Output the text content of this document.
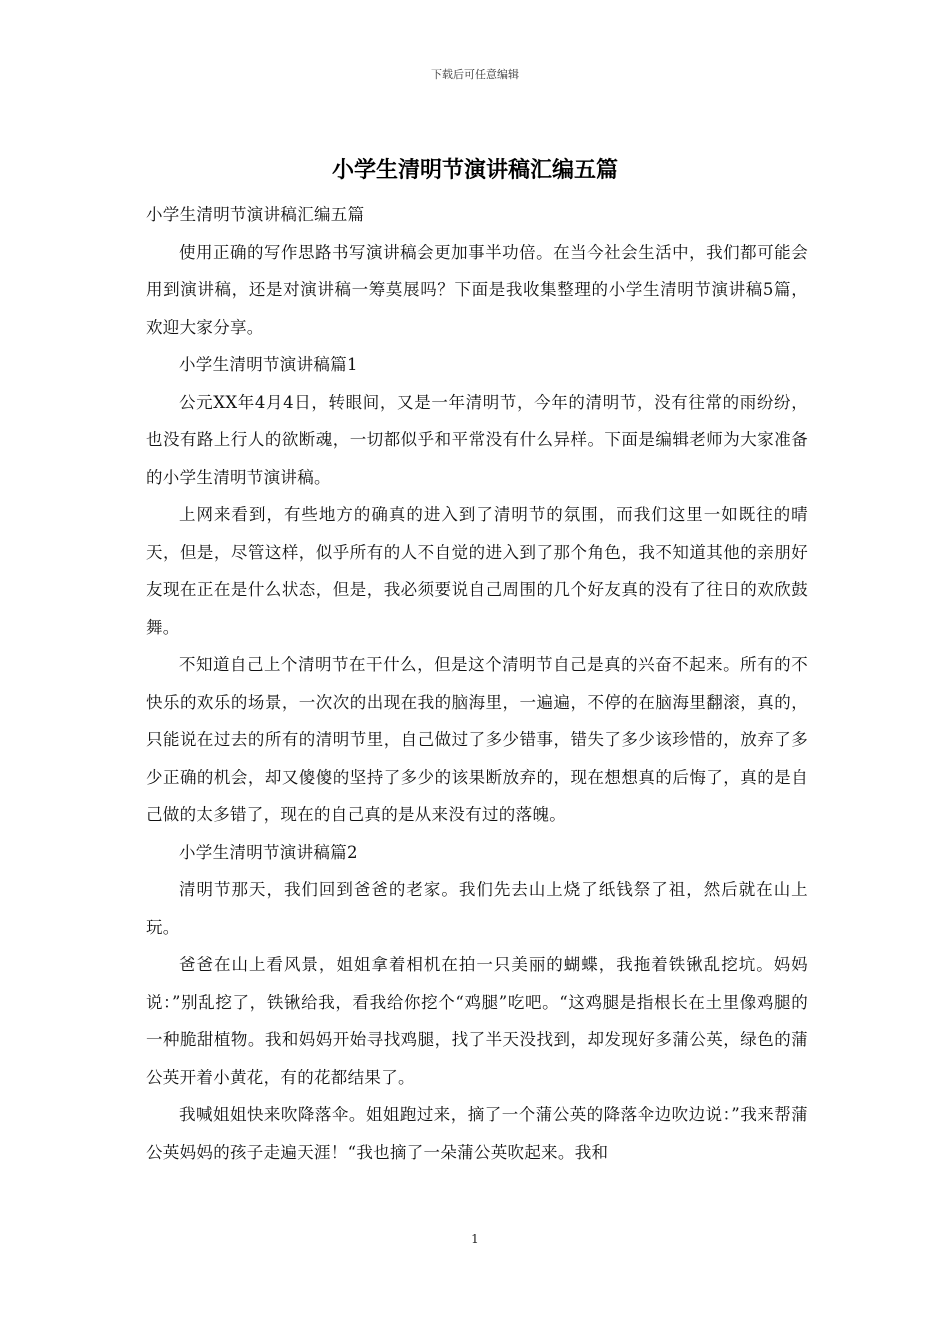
下载后可任意编辑
小学生清明节演讲稿汇编五篇

小学生清明节演讲稿汇编五篇

使用正确的写作思路书写演讲稿会更加事半功倍。在当今社会生活中，我们都可能会用到演讲稿，还是对演讲稿一筹莫展吗？下面是我收集整理的小学生清明节演讲稿5篇，欢迎大家分享。

小学生清明节演讲稿篇1

公元XX年4月4日，转眼间，又是一年清明节，今年的清明节，没有往常的雨纷纷，也没有路上行人的欲断魂，一切都似乎和平常没有什么异样。下面是编辑老师为大家准备的小学生清明节演讲稿。

上网来看到，有些地方的确真的进入到了清明节的氛围，而我们这里一如既往的晴天，但是，尽管这样，似乎所有的人不自觉的进入到了那个角色，我不知道其他的亲朋好友现在正在是什么状态，但是，我必须要说自己周围的几个好友真的没有了往日的欢欣鼓舞。

不知道自己上个清明节在干什么，但是这个清明节自己是真的兴奋不起来。所有的不快乐的欢乐的场景，一次次的出现在我的脑海里，一遍遍，不停的在脑海里翻滚，真的，只能说在过去的所有的清明节里，自己做过了多少错事，错失了多少该珍惜的，放弃了多少正确的机会，却又傻傻的坚持了多少的该果断放弃的，现在想想真的后悔了，真的是自己做的太多错了，现在的自己真的是从来没有过的落魄。

小学生清明节演讲稿篇2

清明节那天，我们回到爸爸的老家。我们先去山上烧了纸钱祭了祖，然后就在山上玩。

爸爸在山上看风景，姐姐拿着相机在拍一只美丽的蝴蝶，我拖着铁锹乱挖坑。妈妈说：”别乱挖了，铁锹给我，看我给你挖个“鸡腿”吃吧。“这鸡腿是指根长在土里像鸡腿的一种脆甜植物。我和妈妈开始寻找鸡腿，找了半天没找到，却发现好多蒲公英，绿色的蒲公英开着小黄花，有的花都结果了。

我喊姐姐快来吹降落伞。姐姐跑过来，摘了一个蒲公英的降落伞边吹边说：”我来帮蒲公英妈妈的孩子走遍天涯！“我也摘了一朵蒲公英吹起来。我和

1
